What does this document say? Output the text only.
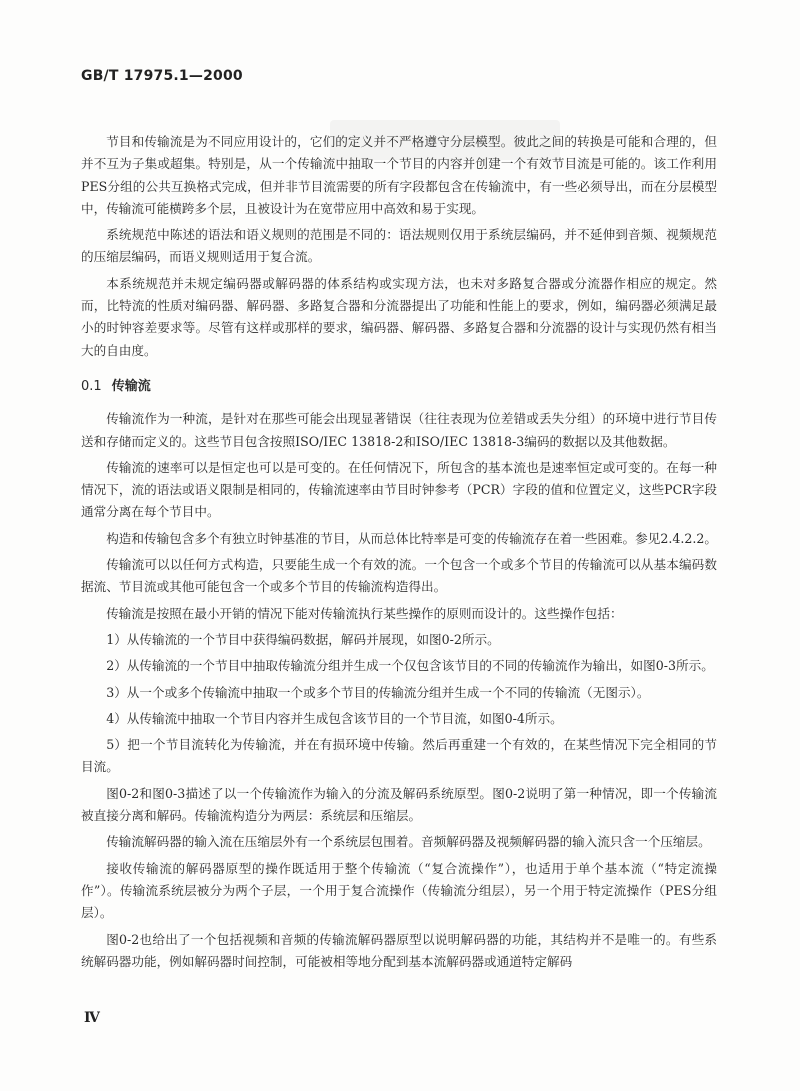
GB/T 17975.1—2000

节目和传输流是为不同应用设计的，它们的定义并不严格遵守分层模型。彼此之间的转换是可能和合理的，但并不互为子集或超集。特别是，从一个传输流中抽取一个节目的内容并创建一个有效节目流是可能的。该工作利用PES分组的公共互换格式完成，但并非节目流需要的所有字段都包含在传输流中，有一些必须导出，而在分层模型中，传输流可能横跨多个层，且被设计为在宽带应用中高效和易于实现。

系统规范中陈述的语法和语义规则的范围是不同的：语法规则仅用于系统层编码，并不延伸到音频、视频规范的压缩层编码，而语义规则适用于复合流。

本系统规范并未规定编码器或解码器的体系结构或实现方法，也未对多路复合器或分流器作相应的规定。然而，比特流的性质对编码器、解码器、多路复合器和分流器提出了功能和性能上的要求，例如，编码器必须满足最小的时钟容差要求等。尽管有这样或那样的要求，编码器、解码器、多路复合器和分流器的设计与实现仍然有相当大的自由度。

0.1 传输流

传输流作为一种流，是针对在那些可能会出现显著错误（往往表现为位差错或丢失分组）的环境中进行节目传送和存储而定义的。这些节目包含按照ISO/IEC 13818-2和ISO/IEC 13818-3编码的数据以及其他数据。

传输流的速率可以是恒定也可以是可变的。在任何情况下，所包含的基本流也是速率恒定或可变的。在每一种情况下，流的语法或语义限制是相同的，传输流速率由节目时钟参考（PCR）字段的值和位置定义，这些PCR字段通常分离在每个节目中。

构造和传输包含多个有独立时钟基准的节目，从而总体比特率是可变的传输流存在着一些困难。参见2.4.2.2。

传输流可以以任何方式构造，只要能生成一个有效的流。一个包含一个或多个节目的传输流可以从基本编码数据流、节目流或其他可能包含一个或多个节目的传输流构造得出。

传输流是按照在最小开销的情况下能对传输流执行某些操作的原则而设计的。这些操作包括：

1）从传输流的一个节目中获得编码数据，解码并展现，如图0-2所示。

2）从传输流的一个节目中抽取传输流分组并生成一个仅包含该节目的不同的传输流作为输出，如图0-3所示。

3）从一个或多个传输流中抽取一个或多个节目的传输流分组并生成一个不同的传输流（无图示）。

4）从传输流中抽取一个节目内容并生成包含该节目的一个节目流，如图0-4所示。

5）把一个节目流转化为传输流，并在有损环境中传输。然后再重建一个有效的，在某些情况下完全相同的节目流。

图0-2和图0-3描述了以一个传输流作为输入的分流及解码系统原型。图0-2说明了第一种情况，即一个传输流被直接分离和解码。传输流构造分为两层：系统层和压缩层。

传输流解码器的输入流在压缩层外有一个系统层包围着。音频解码器及视频解码器的输入流只含一个压缩层。

接收传输流的解码器原型的操作既适用于整个传输流（“复合流操作”），也适用于单个基本流（“特定流操作”）。传输流系统层被分为两个子层，一个用于复合流操作（传输流分组层），另一个用于特定流操作（PES分组层）。

图0-2也给出了一个包括视频和音频的传输流解码器原型以说明解码器的功能，其结构并不是唯一的。有些系统解码器功能，例如解码器时间控制，可能被相等地分配到基本流解码器或通道特定解码

Ⅳ
